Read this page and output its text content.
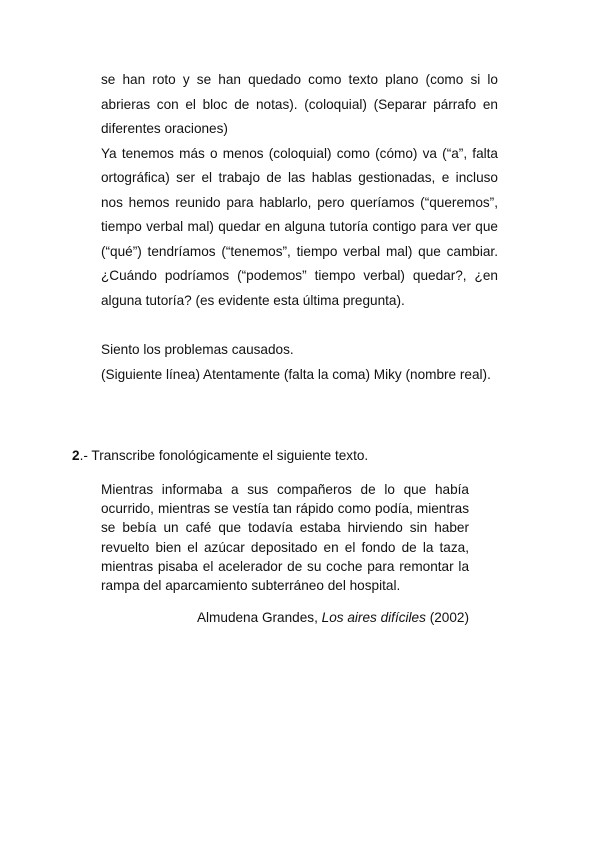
se han roto y se han quedado como texto plano (como si lo abrieras con el bloc de notas). (coloquial) (Separar párrafo en diferentes oraciones)

Ya tenemos más o menos (coloquial) como (cómo) va (“a”, falta ortográfica) ser el trabajo de las hablas gestionadas, e incluso nos hemos reunido para hablarlo, pero queríamos (“queremos”, tiempo verbal mal) quedar en alguna tutoría contigo para ver que (“qué”) tendríamos (“tenemos”, tiempo verbal mal) que cambiar. ¿Cuándo podríamos (“podemos” tiempo verbal) quedar?, ¿en alguna tutoría? (es evidente esta última pregunta).

Siento los problemas causados.

(Siguiente línea) Atentamente (falta la coma) Miky (nombre real).

2.- Transcribe fonológicamente el siguiente texto.

Mientras informaba a sus compañeros de lo que había ocurrido, mientras se vestía tan rápido como podía, mientras se bebía un café que todavía estaba hirviendo sin haber revuelto bien el azúcar depositado en el fondo de la taza, mientras pisaba el acelerador de su coche para remontar la rampa del aparcamiento subterráneo del hospital.

Almudena Grandes, Los aires difíciles (2002)
